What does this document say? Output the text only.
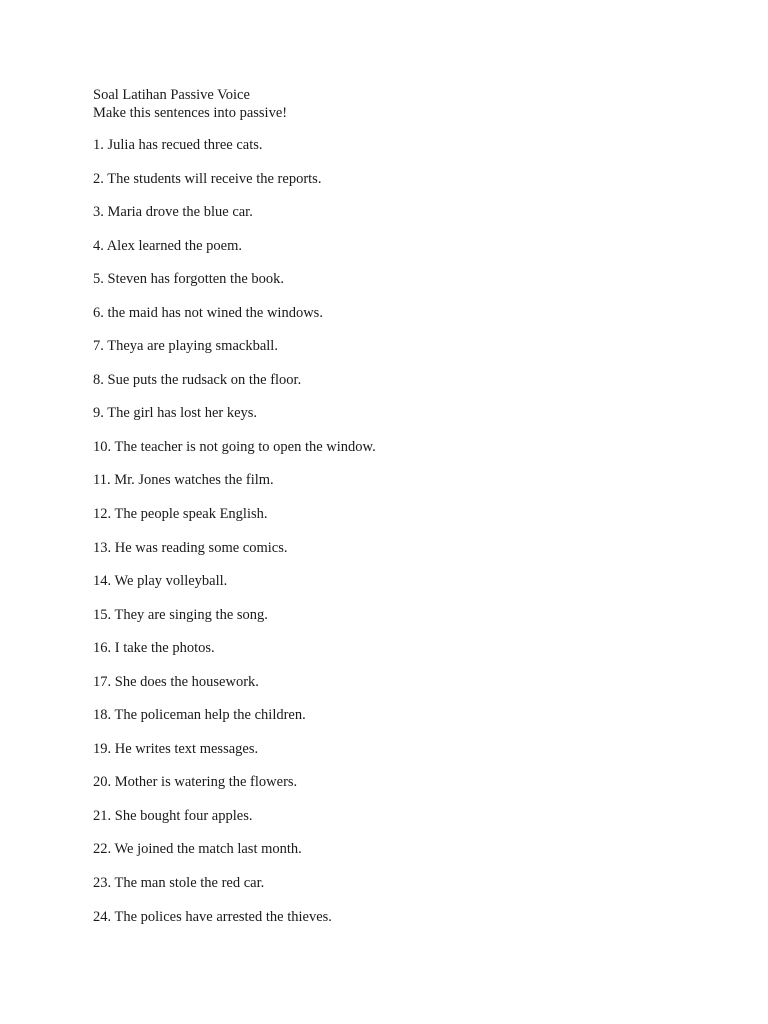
Soal Latihan Passive Voice
Make this sentences into passive!
1. Julia has recued three cats.
2. The students will receive the reports.
3. Maria drove the blue car.
4. Alex learned the poem.
5. Steven has forgotten the book.
6. the maid has not wined the windows.
7. Theya are playing smackball.
8. Sue puts the rudsack on the floor.
9. The girl has lost her keys.
10. The teacher is not going to open the window.
11. Mr. Jones watches the film.
12. The people speak English.
13. He was reading some comics.
14. We play volleyball.
15. They are singing the song.
16. I take the photos.
17. She does the housework.
18. The policeman help the children.
19. He writes text messages.
20. Mother is watering the flowers.
21. She bought four apples.
22. We joined the match last month.
23. The man stole the red car.
24. The polices have arrested the thieves.
